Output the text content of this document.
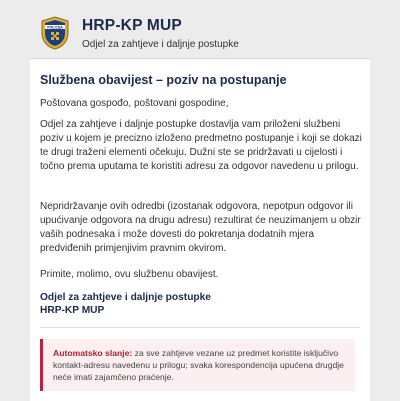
POLICIJA HRP-KP MUP
Odjel za zahtjeve i daljnje postupke
Službena obavijest – poziv na postupanje

Poštovana gospođo, poštovani gospodine,

Odjel za zahtjeve i daljnje postupke dostavlja vam priloženi službeni poziv u kojem je precizno izloženo predmetno postupanje i koji se dokazi te drugi traženi elementi očekuju. Dužni ste se pridržavati u cijelosti i točno prema uputama te koristiti adresu za odgovor navedenu u prilogu.

Nepridržavanje ovih odredbi (izostanak odgovora, nepotpun odgovor ili upućivanje odgovora na drugu adresu) rezultirat će neuzimanjem u obzir vaših podnesaka i može dovesti do pokretanja dodatnih mjera predviđenih primjenjivim pravnim okvirom.

Primite, molimo, ovu službenu obavijest.

Odjel za zahtjeve i daljnje postupke
HRP-KP MUP
Automatsko slanje: za sve zahtjeve vezane uz predmet koristite isključivo kontakt-adresu navedenu u prilogu; svaka korespondencija upućena drugdje neće imati zajamčeno praćenje.
